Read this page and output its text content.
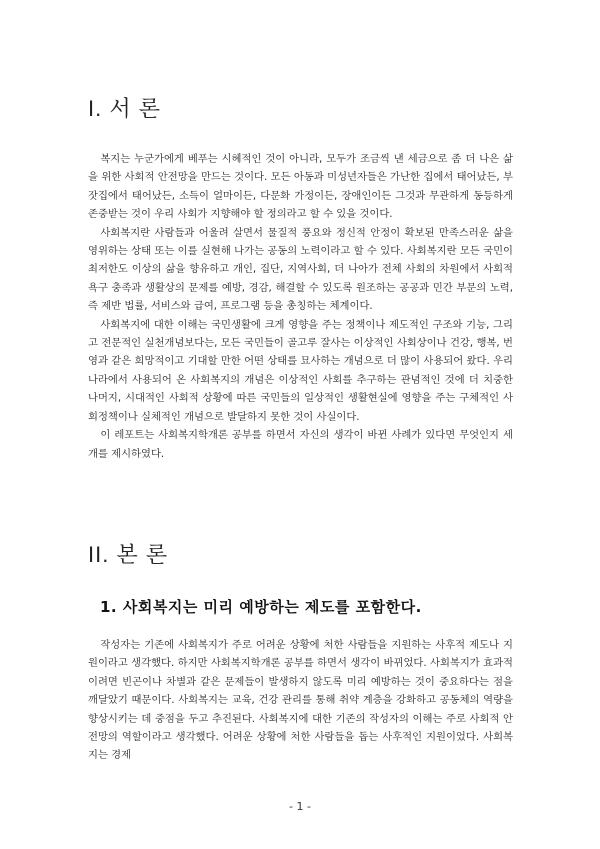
I. 서 론

복지는 누군가에게 베푸는 시혜적인 것이 아니라, 모두가 조금씩 낸 세금으로 좀 더 나은 삶을 위한 사회적 안전망을 만드는 것이다. 모든 아동과 미성년자들은 가난한 집에서 태어났든, 부잣집에서 태어났든, 소득이 얼마이든, 다문화 가정이든, 장애인이든 그것과 무관하게 동등하게 존중받는 것이 우리 사회가 지향해야 할 정의라고 할 수 있을 것이다.

사회복지란 사람들과 어울려 살면서 물질적 풍요와 정신적 안정이 확보된 만족스러운 삶을 영위하는 상태 또는 이를 실현해 나가는 공동의 노력이라고 할 수 있다. 사회복지란 모든 국민이 최저한도 이상의 삶을 향유하고 개인, 집단, 지역사회, 더 나아가 전체 사회의 차원에서 사회적 욕구 충족과 생활상의 문제를 예방, 경감, 해결할 수 있도록 원조하는 공공과 민간 부문의 노력, 즉 제반 법률, 서비스와 급여, 프로그램 등을 총칭하는 체계이다.

사회복지에 대한 이해는 국민생활에 크게 영향을 주는 정책이나 제도적인 구조와 기능, 그리고 전문적인 실천개념보다는, 모든 국민들이 골고루 잘사는 이상적인 사회상이나 건강, 행복, 번영과 같은 희망적이고 기대할 만한 어떤 상태를 묘사하는 개념으로 더 많이 사용되어 왔다. 우리나라에서 사용되어 온 사회복지의 개념은 이상적인 사회를 추구하는 관념적인 것에 더 치중한 나머지, 시대적인 사회적 상황에 따른 국민들의 일상적인 생활현실에 영향을 주는 구체적인 사회정책이나 실체적인 개념으로 발달하지 못한 것이 사실이다.

이 레포트는 사회복지학개론 공부를 하면서 자신의 생각이 바뀐 사례가 있다면 무엇인지 세 개를 제시하였다.

II. 본 론
1. 사회복지는 미리 예방하는 제도를 포함한다.

작성자는 기존에 사회복지가 주로 어려운 상황에 처한 사람들을 지원하는 사후적 제도나 지원이라고 생각했다. 하지만 사회복지학개론 공부를 하면서 생각이 바뀌었다. 사회복지가 효과적이려면 빈곤이나 차별과 같은 문제들이 발생하지 않도록 미리 예방하는 것이 중요하다는 점을 깨달았기 때문이다. 사회복지는 교육, 건강 관리를 통해 취약 계층을 강화하고 공동체의 역량을 향상시키는 데 중점을 두고 추진된다. 사회복지에 대한 기존의 작성자의 이해는 주로 사회적 안전망의 역할이라고 생각했다. 어려운 상황에 처한 사람들을 돕는 사후적인 지원이었다. 사회복지는 경제

- 1 -
